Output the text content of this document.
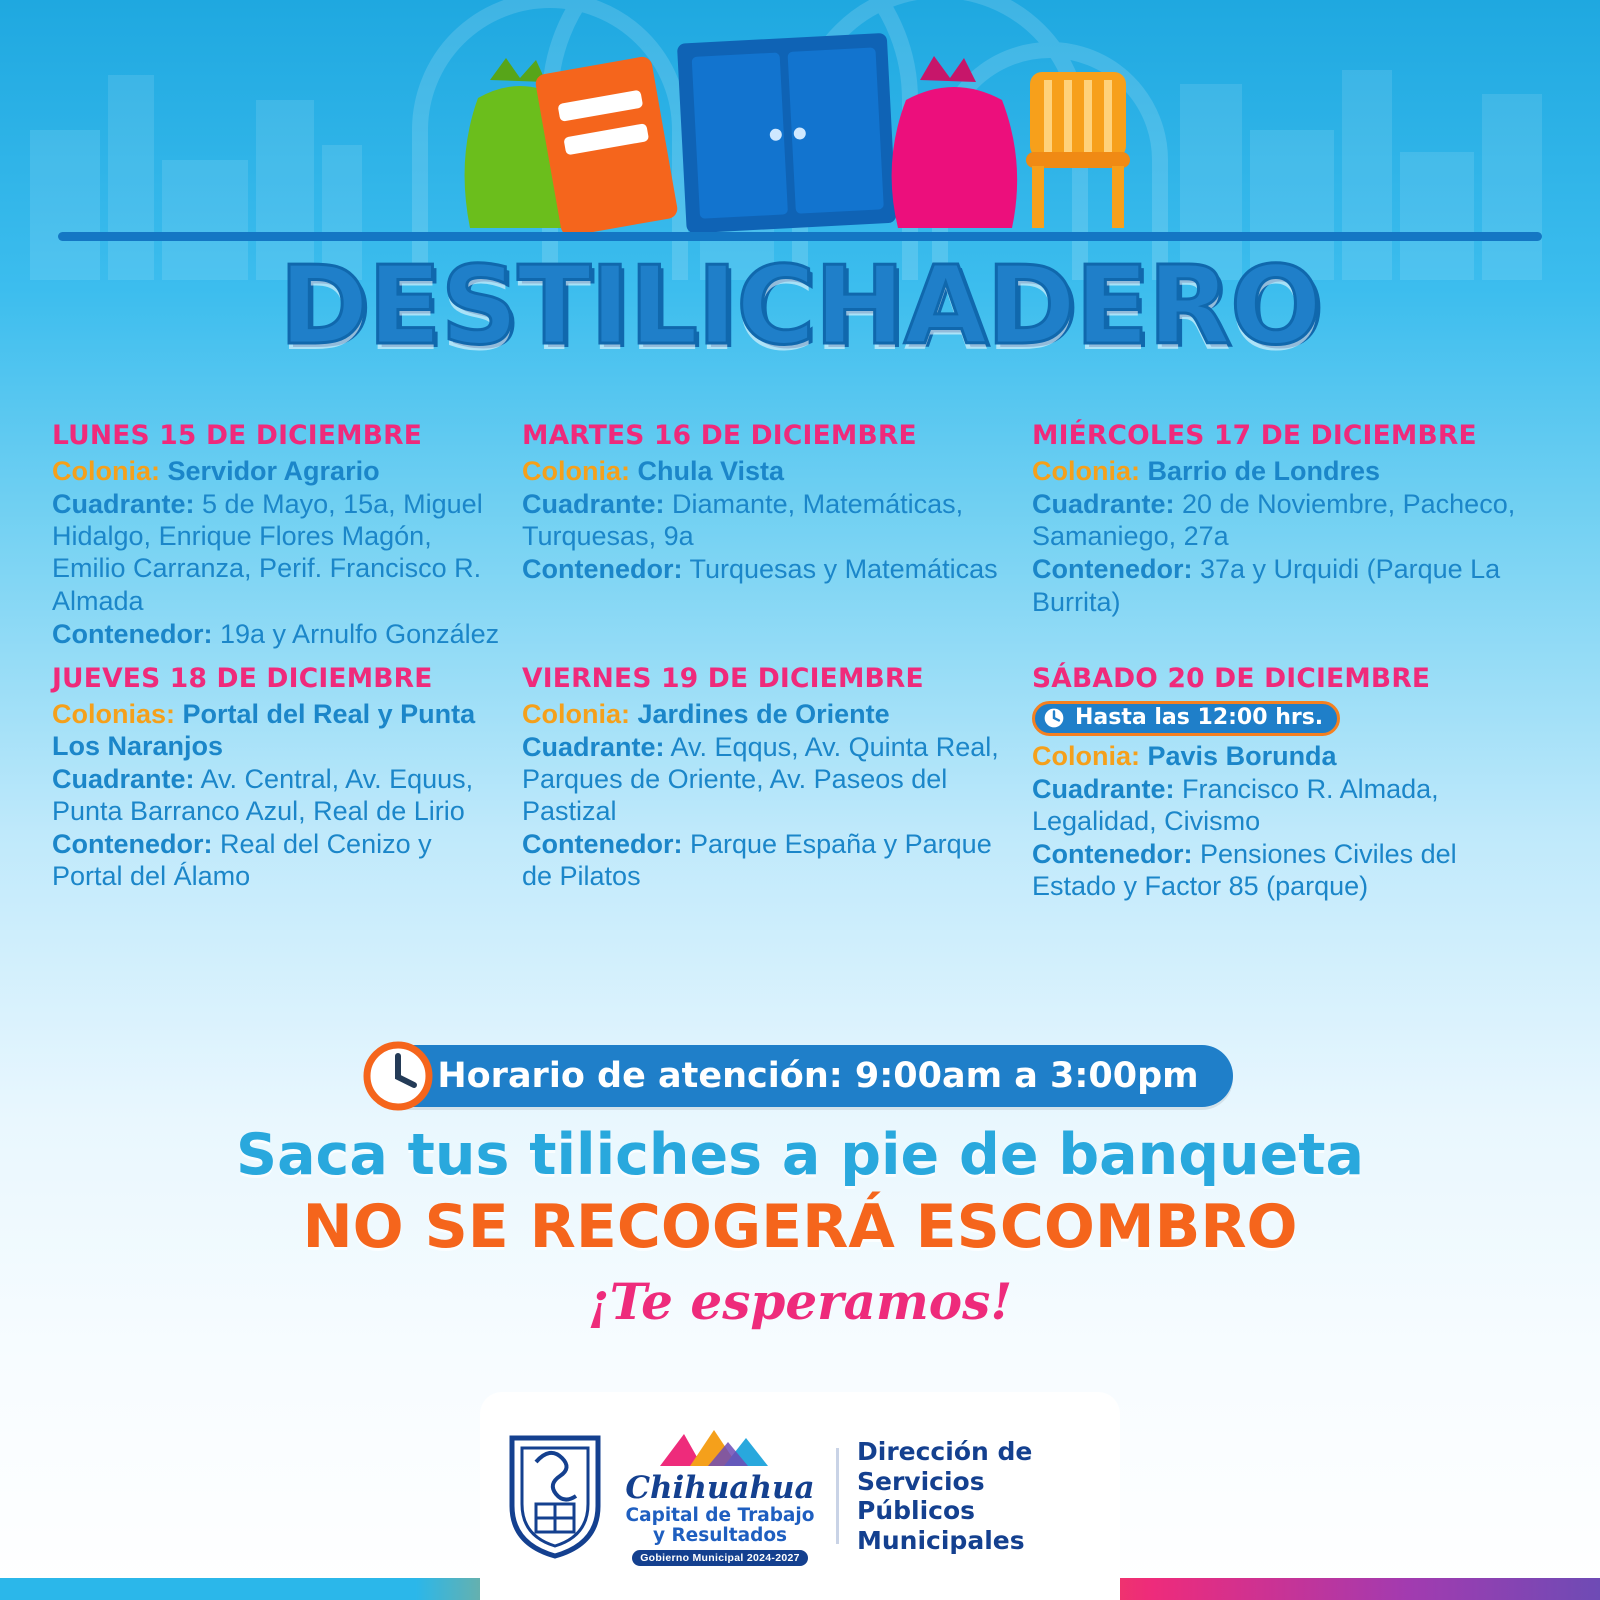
DESTILICHADERO
LUNES 15 DE DICIEMBRE
Colonia: Servidor Agrario
Cuadrante: 5 de Mayo, 15a, Miguel Hidalgo, Enrique Flores Magón, Emilio Carranza, Perif. Francisco R. Almada
Contenedor: 19a y Arnulfo González
MARTES 16 DE DICIEMBRE
Colonia: Chula Vista
Cuadrante: Diamante, Matemáticas, Turquesas, 9a
Contenedor: Turquesas y Matemáticas
MIÉRCOLES 17 DE DICIEMBRE
Colonia: Barrio de Londres
Cuadrante: 20 de Noviembre, Pacheco, Samaniego, 27a
Contenedor: 37a y Urquidi (Parque La Burrita)
JUEVES 18 DE DICIEMBRE
Colonias: Portal del Real y Punta Los Naranjos
Cuadrante: Av. Central, Av. Equus, Punta Barranco Azul, Real de Lirio
Contenedor: Real del Cenizo y Portal del Álamo
VIERNES 19 DE DICIEMBRE
Colonia: Jardines de Oriente
Cuadrante: Av. Eqqus, Av. Quinta Real, Parques de Oriente, Av. Paseos del Pastizal
Contenedor: Parque España y Parque de Pilatos
SÁBADO 20 DE DICIEMBRE
Hasta las 12:00 hrs.
Colonia: Pavis Borunda
Cuadrante: Francisco R. Almada, Legalidad, Civismo
Contenedor: Pensiones Civiles del Estado y Factor 85 (parque)
Horario de atención: 9:00am a 3:00pm
Saca tus tiliches a pie de banqueta
NO SE RECOGERÁ ESCOMBRO
¡Te esperamos!
Chihuahua
Capital de Trabajo
y Resultados
Gobierno Municipal 2024-2027
Dirección de
Servicios Públicos
Municipales
